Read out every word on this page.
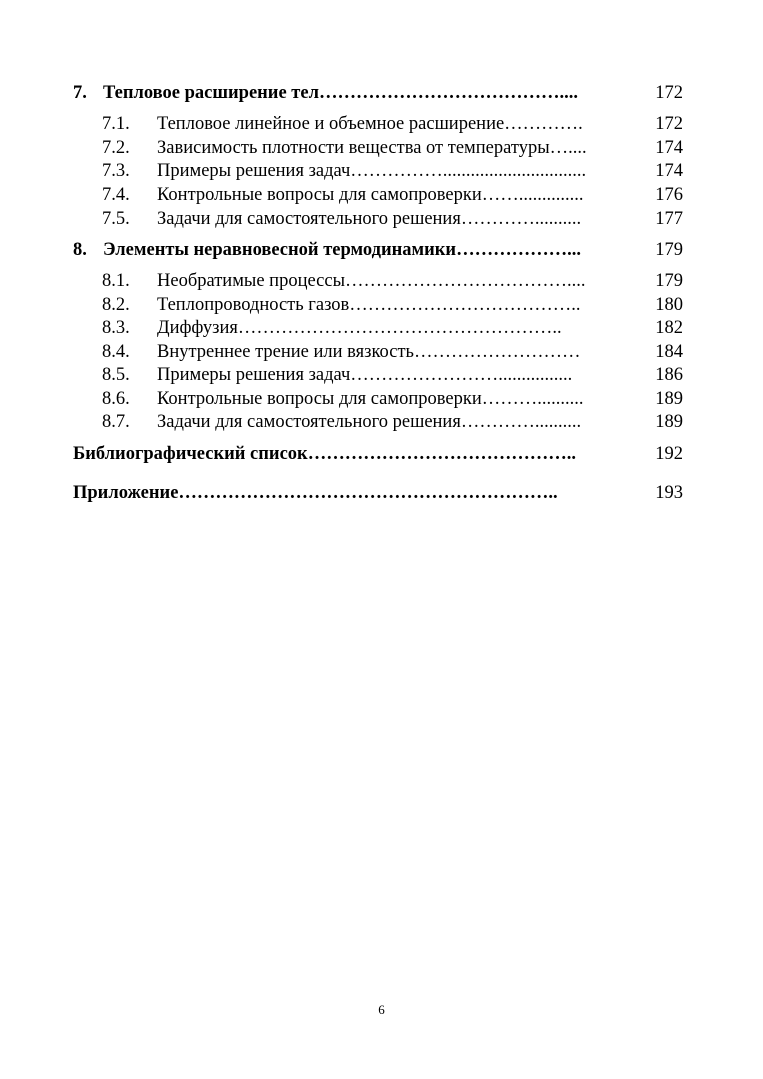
7. Тепловое расширение тел…………………………………....	172
7.1. Тепловое линейное и объемное расширение………….	172
7.2. Зависимость плотности вещества от температуры…....	174
7.3. Примеры решения задач……………...............................	174
7.4. Контрольные вопросы для самопроверки……..............	176
7.5. Задачи для самостоятельного решения…………..........	177
8. Элементы неравновесной термодинамики………………...	179
8.1. Необратимые процессы………………………………....	179
8.2. Теплопроводность газов………………………………..	180
8.3. Диффузия……………………………………………..	182
8.4. Внутреннее трение или вязкость………………………	184
8.5. Примеры решения задач……………………................	186
8.6. Контрольные вопросы для самопроверки………..........	189
8.7. Задачи для самостоятельного решения…………..........	189
Библиографический список……………………………………..	192
Приложение……………………………………………………..	193
6
